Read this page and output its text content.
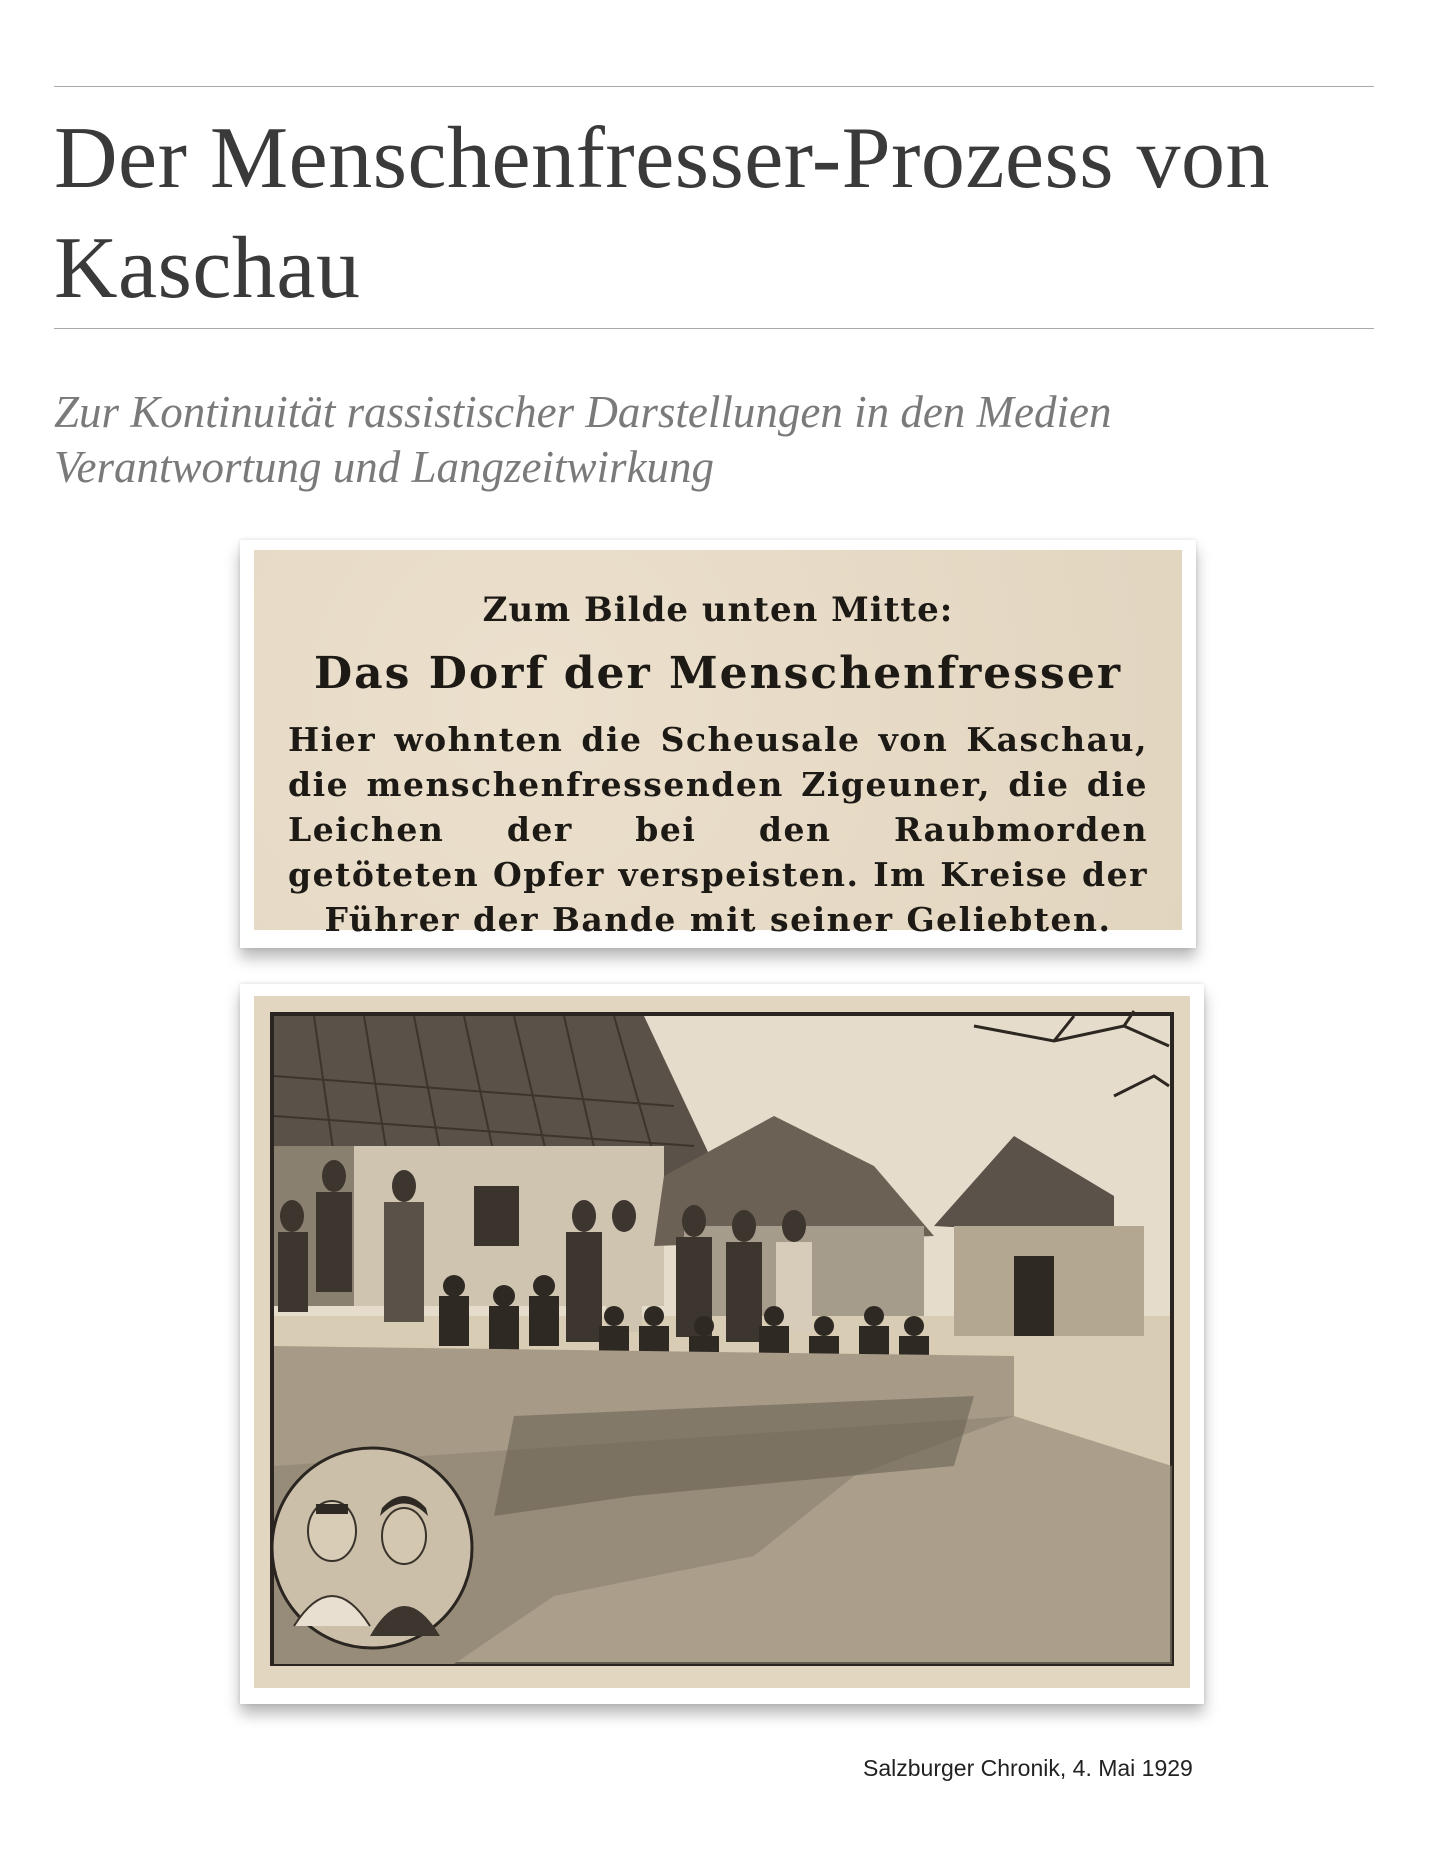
Der Menschenfresser-Prozess von Kaschau
Zur Kontinuität rassistischer Darstellungen in den Medien
Verantwortung und Langzeitwirkung
Zum Bilde unten Mitte:
Das Dorf der Menschenfresser
Hier wohnten die Scheusale von Kaschau, die menschenfressenden Zigeuner, die die Leichen der bei den Raubmorden getöteten Opfer verspeisten. Im Kreise der Führer der Bande mit seiner Geliebten.
Salzburger Chronik, 4. Mai 1929
